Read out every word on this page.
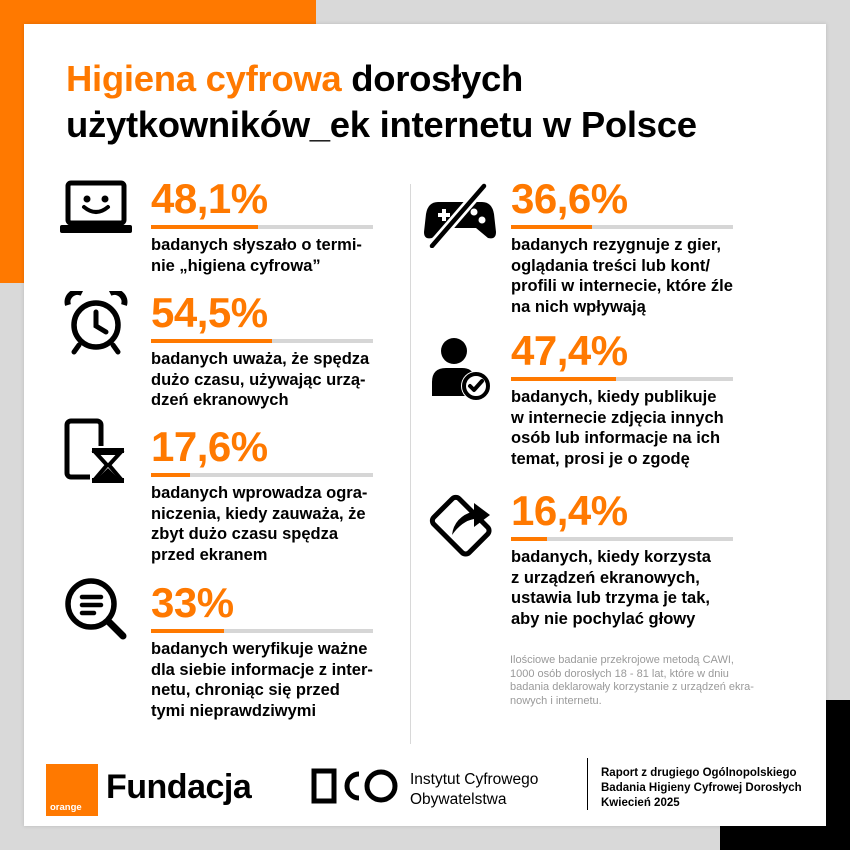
Higiena cyfrowa dorosłych
użytkowników_ek internetu w Polsce
48,1%
badanych słyszało o termi-
nie „higiena cyfrowa”
54,5%
badanych uważa, że spędza
dużo czasu, używając urzą-
dzeń ekranowych
17,6%
badanych wprowadza ogra-
niczenia, kiedy zauważa, że
zbyt dużo czasu spędza
przed ekranem
33%
badanych weryfikuje ważne
dla siebie informacje z inter-
netu, chroniąc się przed
tymi nieprawdziwymi
36,6%
badanych rezygnuje z gier,
oglądania treści lub kont/
profili w internecie, które źle
na nich wpływają
47,4%
badanych, kiedy publikuje
w internecie zdjęcia innych
osób lub informacje na ich
temat, prosi je o zgodę
16,4%
badanych, kiedy korzysta
z urządzeń ekranowych,
ustawia lub trzyma je tak,
aby nie pochylać głowy
Ilościowe badanie przekrojowe metodą CAWI,
1000 osób dorosłych 18 - 81 lat, które w dniu
badania deklarowały korzystanie z urządzeń ekra-
nowych i internetu.
orange
Fundacja	Instytut Cyfrowego
Obywatelstwa
Raport z drugiego Ogólnopolskiego
Badania Higieny Cyfrowej Dorosłych
Kwiecień 2025
